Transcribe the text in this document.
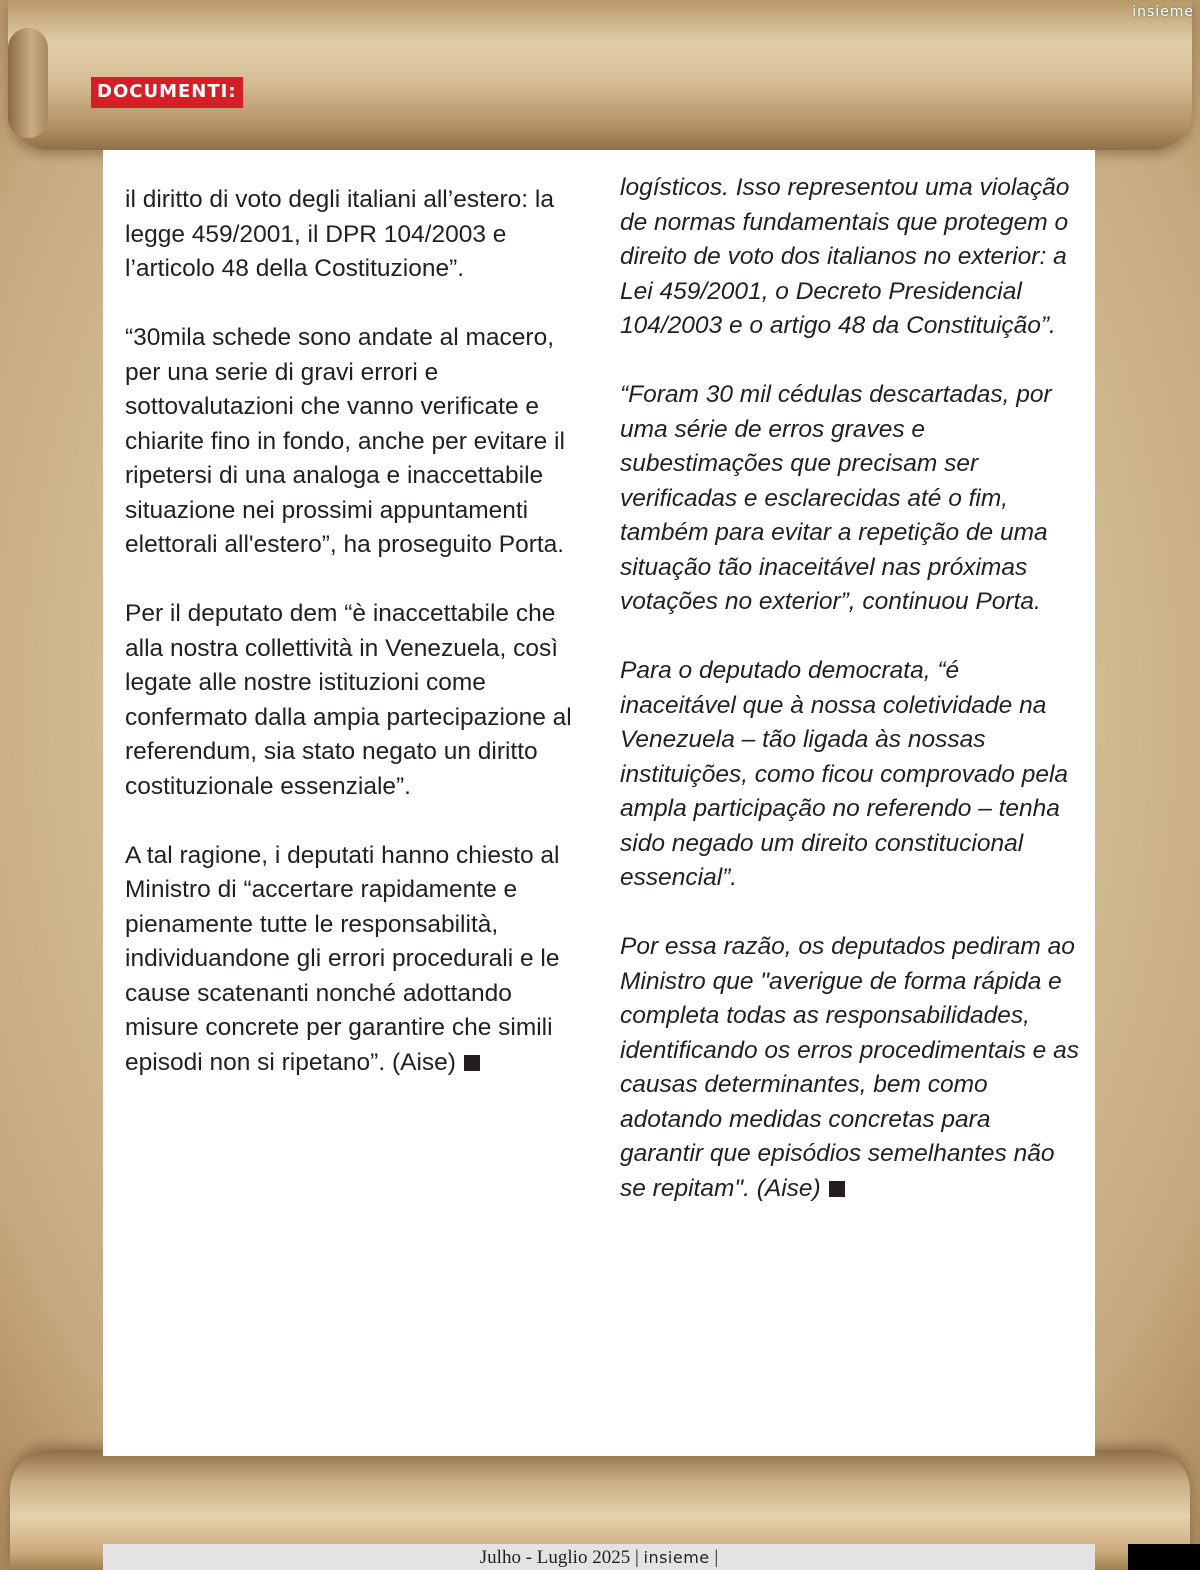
insieme
DOCUMENTI:

il diritto di voto degli italiani all’estero: la legge 459/2001, il DPR 104/2003 e l’articolo 48 della Costituzione”.

“30mila schede sono andate al macero, per una serie di gravi errori e sottovalutazioni che vanno verificate e chiarite fino in fondo, anche per evitare il ripetersi di una analoga e inaccettabile situazione nei prossimi appuntamenti elettorali all'estero”, ha proseguito Porta.

Per il deputato dem “è inaccettabile che alla nostra collettività in Venezuela, così legate alle nostre istituzioni come confermato dalla ampia partecipazione al referendum, sia stato negato un diritto costituzionale essenziale”.

A tal ragione, i deputati hanno chiesto al Ministro di “accertare rapidamente e pienamente tutte le responsabilità, individuandone gli errori procedurali e le cause scatenanti nonché adottando misure concrete per garantire che simili episodi non si ripetano”. (Aise)

logísticos. Isso representou uma violação de normas fundamentais que protegem o direito de voto dos italianos no exterior: a Lei 459/2001, o Decreto Presidencial 104/2003 e o artigo 48 da Constituição”.

“Foram 30 mil cédulas descartadas, por uma série de erros graves e subestimações que precisam ser verificadas e esclarecidas até o fim, também para evitar a repetição de uma situação tão inaceitável nas próximas votações no exterior”, continuou Porta.

Para o deputado democrata, “é inaceitável que à nossa coletividade na Venezuela – tão ligada às nossas instituições, como ficou comprovado pela ampla participação no referendo – tenha sido negado um direito constitucional essencial”.

Por essa razão, os deputados pediram ao Ministro que "averigue de forma rápida e completa todas as responsabilidades, identificando os erros procedimentais e as causas determinantes, bem como adotando medidas concretas para garantir que episódios semelhantes não se repitam". (Aise)

Julho - Luglio 2025 | insieme |
